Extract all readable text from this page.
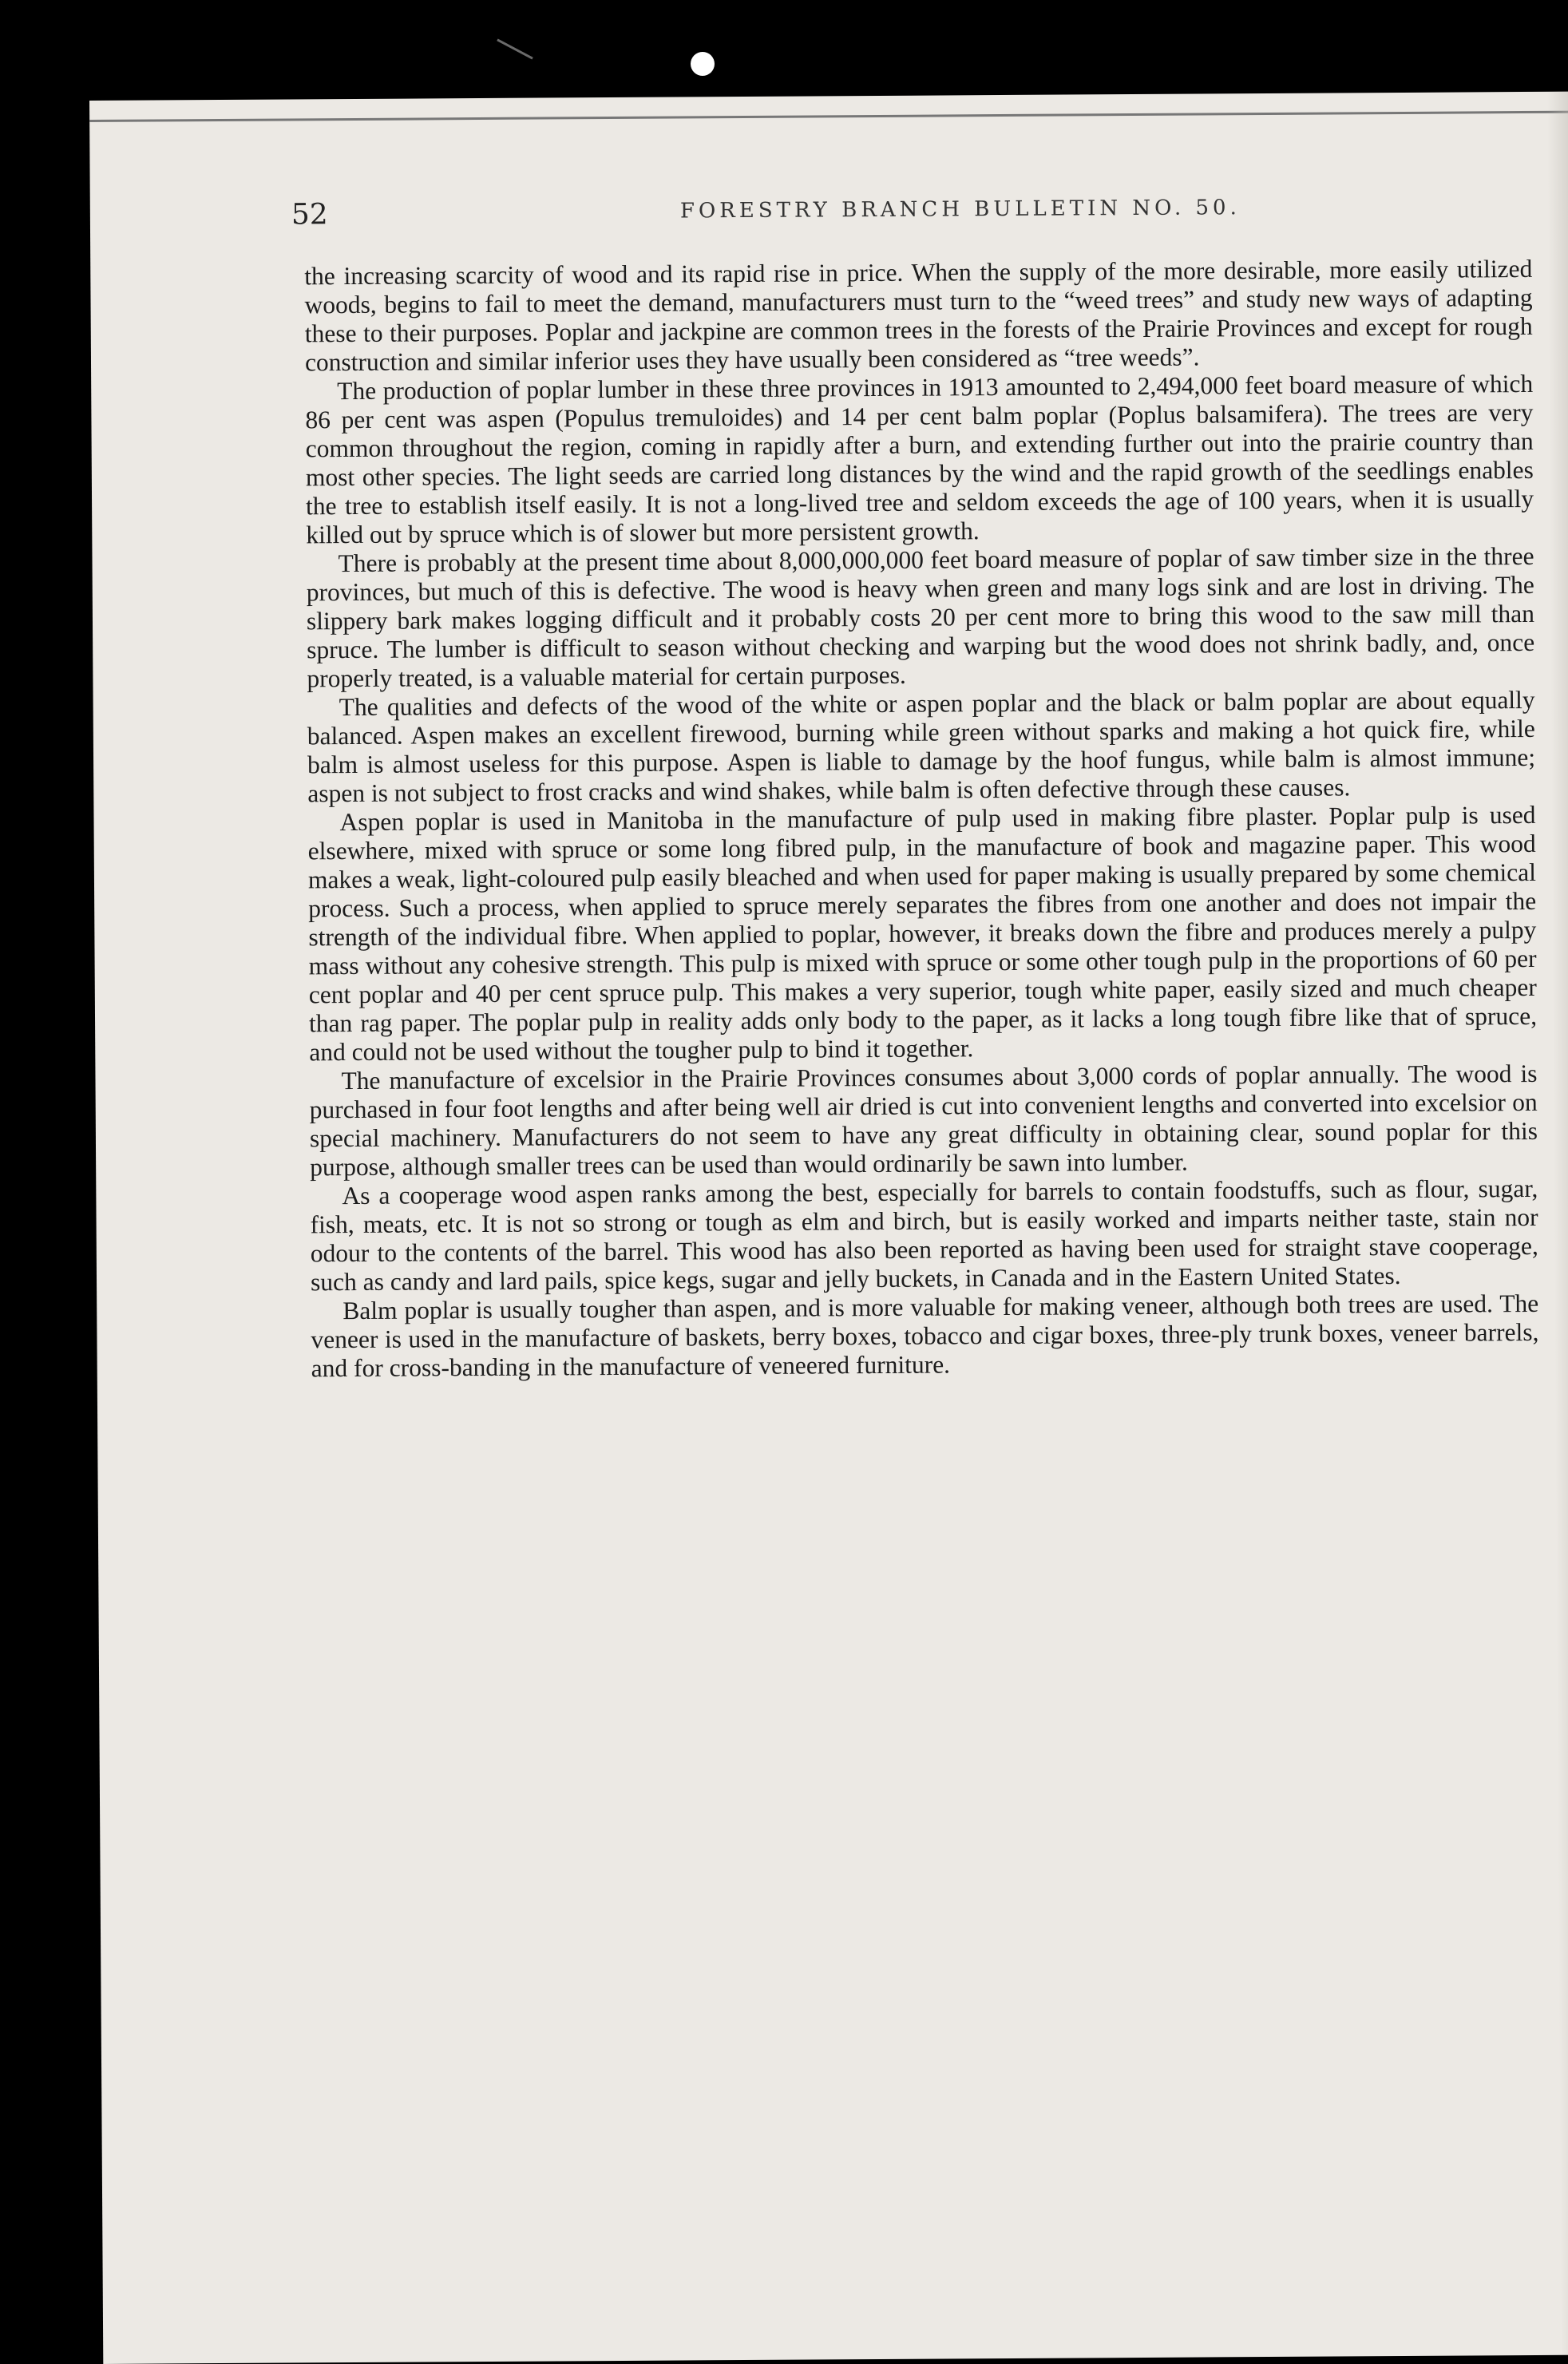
52	FORESTRY BRANCH BULLETIN NO. 50.

the increasing scarcity of wood and its rapid rise in price. When the supply of the more desirable, more easily utilized woods, begins to fail to meet the demand, manufacturers must turn to the “weed trees” and study new ways of adapting these to their purposes. Poplar and jackpine are common trees in the forests of the Prairie Provinces and except for rough construction and similar inferior uses they have usually been considered as “tree weeds”.

The production of poplar lumber in these three provinces in 1913 amounted to 2,494,000 feet board measure of which 86 per cent was aspen (Populus tremuloides) and 14 per cent balm poplar (Poplus balsamifera). The trees are very common throughout the region, coming in rapidly after a burn, and extending further out into the prairie country than most other species. The light seeds are carried long distances by the wind and the rapid growth of the seedlings enables the tree to establish itself easily. It is not a long-lived tree and seldom exceeds the age of 100 years, when it is usually killed out by spruce which is of slower but more persistent growth.

There is probably at the present time about 8,000,000,000 feet board measure of poplar of saw timber size in the three provinces, but much of this is defective. The wood is heavy when green and many logs sink and are lost in driving. The slippery bark makes logging difficult and it probably costs 20 per cent more to bring this wood to the saw mill than spruce. The lumber is difficult to season without checking and warping but the wood does not shrink badly, and, once properly treated, is a valuable material for certain purposes.

The qualities and defects of the wood of the white or aspen poplar and the black or balm poplar are about equally balanced. Aspen makes an excellent firewood, burning while green without sparks and making a hot quick fire, while balm is almost useless for this purpose. Aspen is liable to damage by the hoof fungus, while balm is almost immune; aspen is not subject to frost cracks and wind shakes, while balm is often defective through these causes.

Aspen poplar is used in Manitoba in the manufacture of pulp used in making fibre plaster. Poplar pulp is used elsewhere, mixed with spruce or some long fibred pulp, in the manufacture of book and magazine paper. This wood makes a weak, light-coloured pulp easily bleached and when used for paper making is usually prepared by some chemical process. Such a process, when applied to spruce merely separates the fibres from one another and does not impair the strength of the individual fibre. When applied to poplar, however, it breaks down the fibre and produces merely a pulpy mass without any cohesive strength. This pulp is mixed with spruce or some other tough pulp in the proportions of 60 per cent poplar and 40 per cent spruce pulp. This makes a very superior, tough white paper, easily sized and much cheaper than rag paper. The poplar pulp in reality adds only body to the paper, as it lacks a long tough fibre like that of spruce, and could not be used without the tougher pulp to bind it together.

The manufacture of excelsior in the Prairie Provinces consumes about 3,000 cords of poplar annually. The wood is purchased in four foot lengths and after being well air dried is cut into convenient lengths and converted into excelsior on special machinery. Manufacturers do not seem to have any great difficulty in obtaining clear, sound poplar for this purpose, although smaller trees can be used than would ordinarily be sawn into lumber.

As a cooperage wood aspen ranks among the best, especially for barrels to contain foodstuffs, such as flour, sugar, fish, meats, etc. It is not so strong or tough as elm and birch, but is easily worked and imparts neither taste, stain nor odour to the contents of the barrel. This wood has also been reported as having been used for straight stave cooperage, such as candy and lard pails, spice kegs, sugar and jelly buckets, in Canada and in the Eastern United States.

Balm poplar is usually tougher than aspen, and is more valuable for making veneer, although both trees are used. The veneer is used in the manufacture of baskets, berry boxes, tobacco and cigar boxes, three-ply trunk boxes, veneer barrels, and for cross-banding in the manufacture of veneered furniture.
